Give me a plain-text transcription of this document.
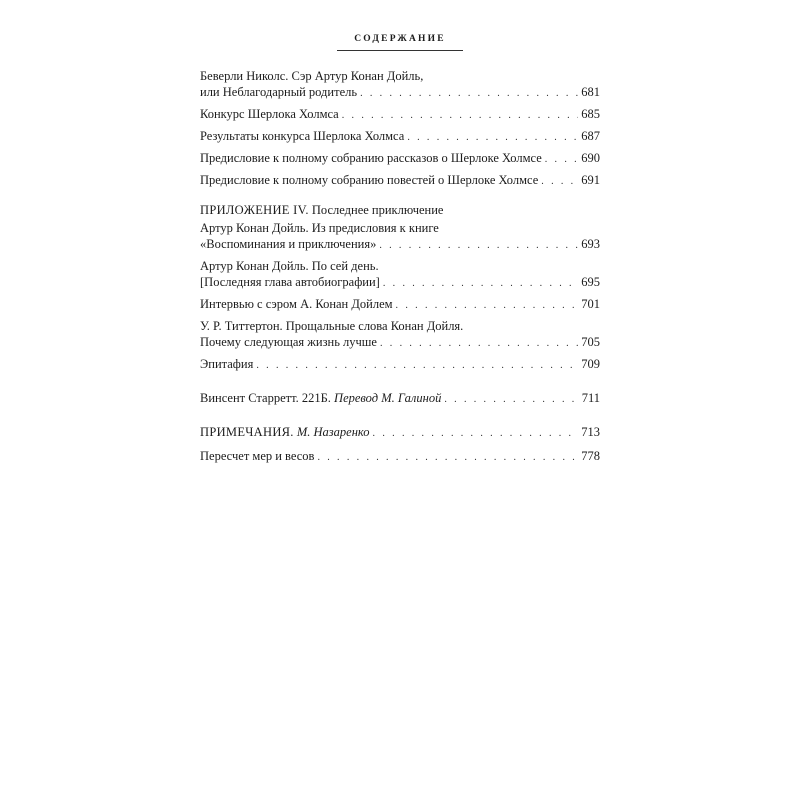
СОДЕРЖАНИЕ
Беверли Николс. Сэр Артур Конан Дойль,
или Неблагодарный родитель . . .	681
Конкурс Шерлока Холмса . . .	685
Результаты конкурса Шерлока Холмса . . .	687
Предисловие к полному собранию рассказов о Шерлоке Холмсе . . .	690
Предисловие к полному собранию повестей о Шерлоке Холмсе . . .	691
ПРИЛОЖЕНИЕ IV. Последнее приключение
Артур Конан Дойль. Из предисловия к книге
«Воспоминания и приключения» . . .	693
Артур Конан Дойль. По сей день.
[Последняя глава автобиографии] . . .	695
Интервью с сэром А. Конан Дойлем . . .	701
У. Р. Титтертон. Прощальные слова Конан Дойля.
Почему следующая жизнь лучше . . .	705
Эпитафия . . .	709
Винсент Старретт. 221Б. Перевод М. Галиной . . .	711
ПРИМЕЧАНИЯ. М. Назаренко . . .	713
Пересчет мер и весов . . .	778
